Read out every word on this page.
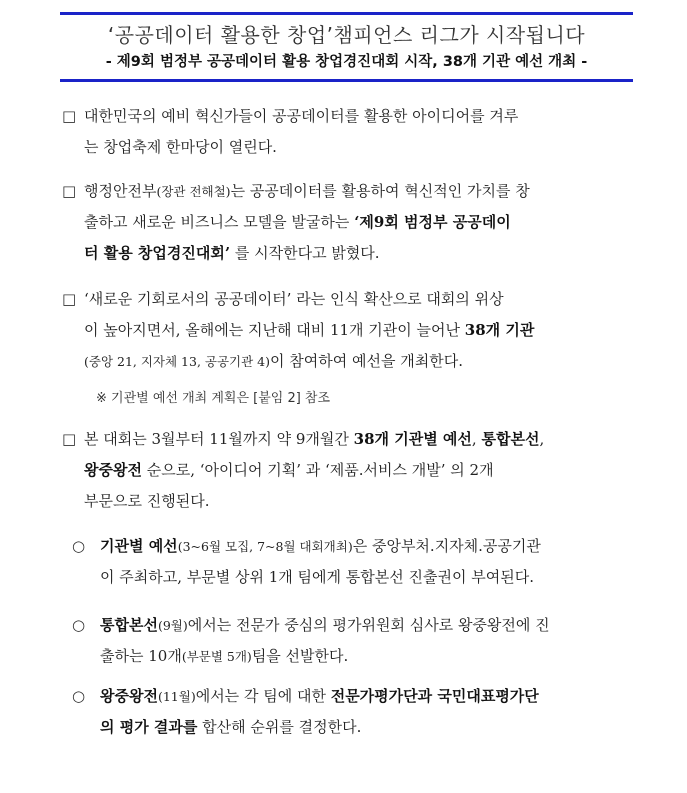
‘공공데이터 활용한 창업’챔피언스 리그가 시작됩니다
- 제9회 범정부 공공데이터 활용 창업경진대회 시작, 38개 기관 예선 개최 -
□ 대한민국의 예비 혁신가들이 공공데이터를 활용한 아이디어를 겨루
는 창업축제 한마당이 열린다.
□ 행정안전부(장관 전해철)는 공공데이터를 활용하여 혁신적인 가치를 창
출하고 새로운 비즈니스 모델을 발굴하는 ‘제9회 범정부 공공데이
터 활용 창업경진대회’ 를 시작한다고 밝혔다.
□ ‘새로운 기회로서의 공공데이터’ 라는 인식 확산으로 대회의 위상
이 높아지면서, 올해에는 지난해 대비 11개 기관이 늘어난 38개 기관
(중앙 21, 지자체 13, 공공기관 4)이 참여하여 예선을 개최한다.
※ 기관별 예선 개최 계획은 [붙임 2] 참조
□ 본 대회는 3월부터 11월까지 약 9개월간 38개 기관별 예선, 통합본선,
왕중왕전 순으로, ‘아이디어 기획’ 과 ‘제품.서비스 개발’ 의 2개
부문으로 진행된다.
○ 기관별 예선(3~6월 모집, 7~8월 대회개최)은 중앙부처.지자체.공공기관
이 주최하고, 부문별 상위 1개 팀에게 통합본선 진출권이 부여된다.
○ 통합본선(9월)에서는 전문가 중심의 평가위원회 심사로 왕중왕전에 진
출하는 10개(부문별 5개)팀을 선발한다.
○ 왕중왕전(11월)에서는 각 팀에 대한 전문가평가단과 국민대표평가단
의 평가 결과를 합산해 순위를 결정한다.
